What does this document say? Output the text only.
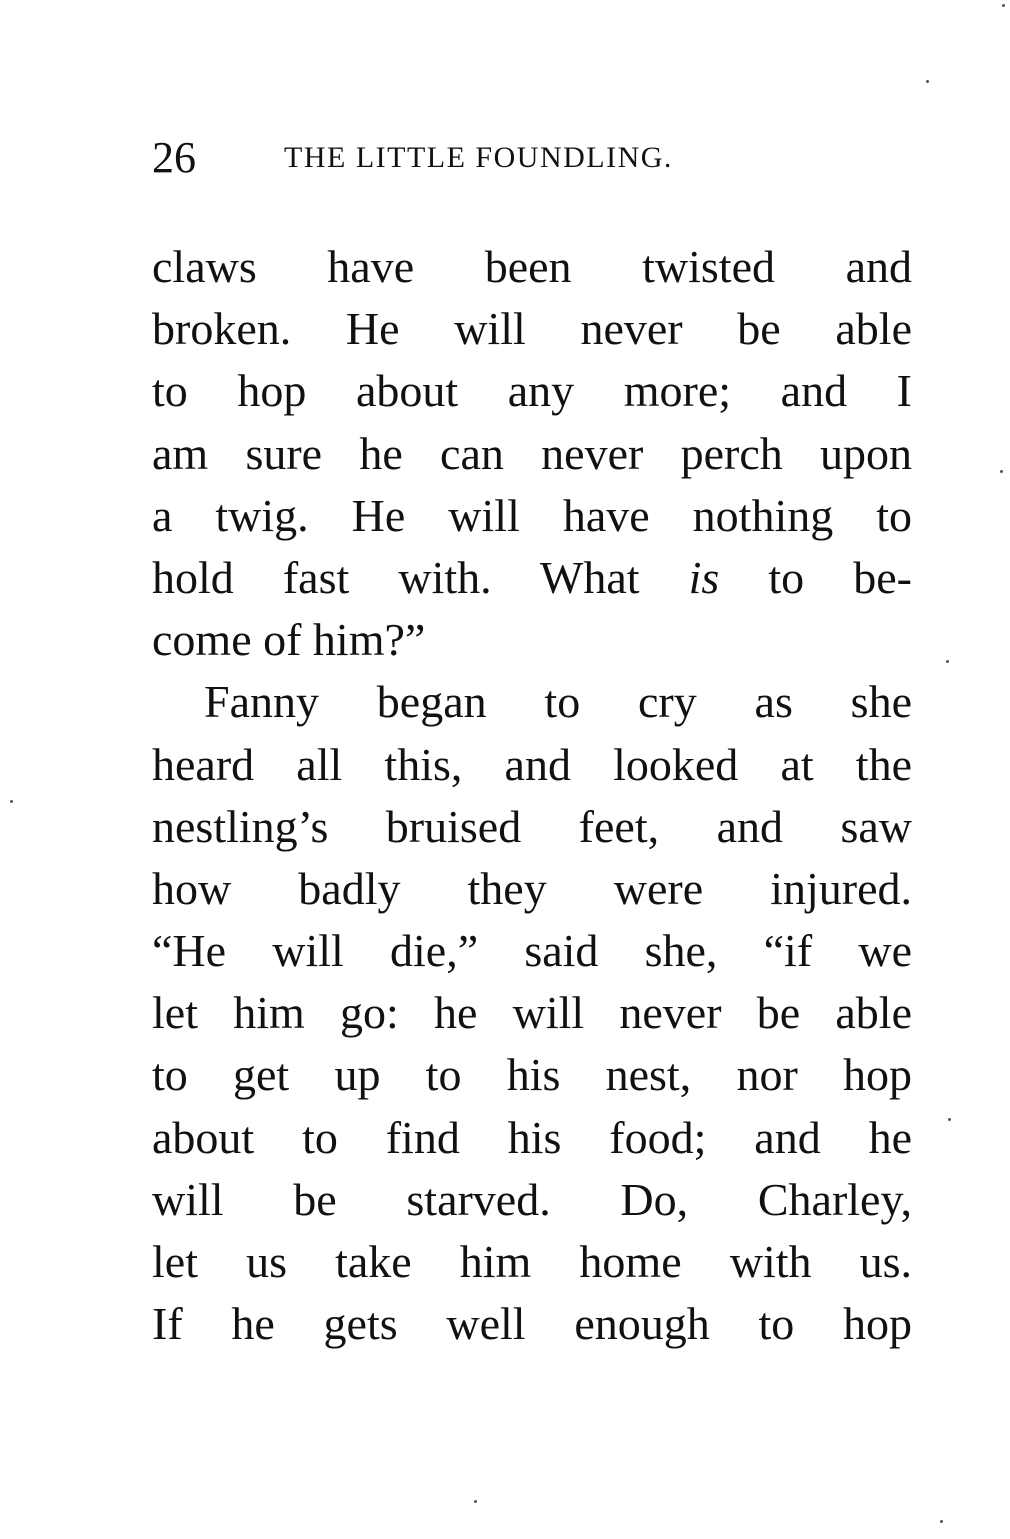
26	THE LITTLE FOUNDLING.
claws have been twisted and
broken. He will never be able
to hop about any more; and I
am sure he can never perch upon
a twig. He will have nothing to
hold fast with. What is to be-
come of him?”
Fanny began to cry as she
heard all this, and looked at the
nestling’s bruised feet, and saw
how badly they were injured.
“He will die,” said she, “if we
let him go: he will never be able
to get up to his nest, nor hop
about to find his food; and he
will be starved. Do, Charley,
let us take him home with us.
If he gets well enough to hop
